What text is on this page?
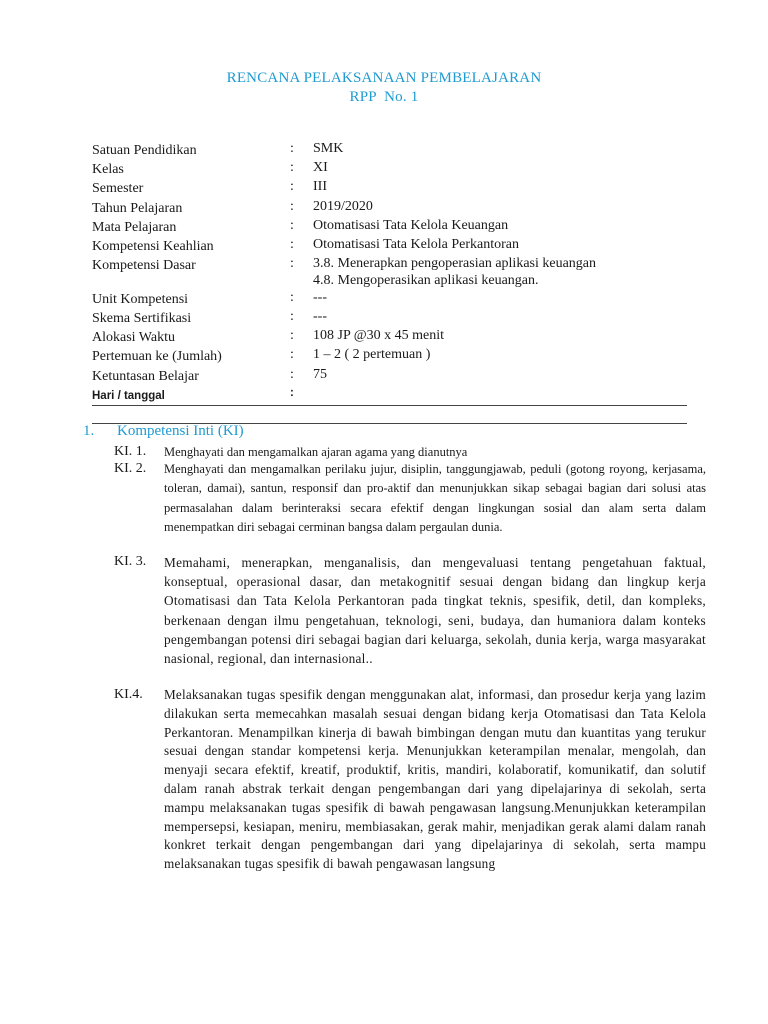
RENCANA PELAKSANAAN PEMBELAJARAN
RPP  No. 1
Satuan Pendidikan	: SMK
Kelas	: XI
Semester	: III
Tahun Pelajaran	: 2019/2020
Mata Pelajaran	: Otomatisasi Tata Kelola Keuangan
Kompetensi Keahlian	: Otomatisasi Tata Kelola Perkantoran
Kompetensi Dasar	: 3.8. Menerapkan pengoperasian aplikasi keuangan
4.8. Mengoperasikan aplikasi keuangan.
Unit Kompetensi	: ---
Skema Sertifikasi	: ---
Alokasi Waktu	: 108 JP @30 x 45 menit
Pertemuan ke (Jumlah)	: 1 – 2 ( 2 pertemuan )
Ketuntasan Belajar	: 75
Hari / tanggal	:
1. Kompetensi Inti (KI)
KI. 1. Menghayati dan mengamalkan ajaran agama yang dianutnya
KI. 2. Menghayati dan mengamalkan perilaku jujur, disiplin, tanggungjawab, peduli (gotong royong, kerjasama, toleran, damai), santun, responsif dan pro-aktif dan menunjukkan sikap sebagai bagian dari solusi atas permasalahan dalam berinteraksi secara efektif dengan lingkungan sosial dan alam serta dalam menempatkan diri sebagai cerminan bangsa dalam pergaulan dunia.
KI. 3. Memahami, menerapkan, menganalisis, dan mengevaluasi tentang pengetahuan faktual, konseptual, operasional dasar, dan metakognitif sesuai dengan bidang dan lingkup kerja Otomatisasi dan Tata Kelola Perkantoran pada tingkat teknis, spesifik, detil, dan kompleks, berkenaan dengan ilmu pengetahuan, teknologi, seni, budaya, dan humaniora dalam konteks pengembangan potensi diri sebagai bagian dari keluarga, sekolah, dunia kerja, warga masyarakat nasional, regional, dan internasional..
KI.4. Melaksanakan tugas spesifik dengan menggunakan alat, informasi, dan prosedur kerja yang lazim dilakukan serta memecahkan masalah sesuai dengan bidang kerja Otomatisasi dan Tata Kelola Perkantoran. Menampilkan kinerja di bawah bimbingan dengan mutu dan kuantitas yang terukur sesuai dengan standar kompetensi kerja. Menunjukkan keterampilan menalar, mengolah, dan menyaji secara efektif, kreatif, produktif, kritis, mandiri, kolaboratif, komunikatif, dan solutif dalam ranah abstrak terkait dengan pengembangan dari yang dipelajarinya di sekolah, serta mampu melaksanakan tugas spesifik di bawah pengawasan langsung.Menunjukkan keterampilan mempersepsi, kesiapan, meniru, membiasakan, gerak mahir, menjadikan gerak alami dalam ranah konkret terkait dengan pengembangan dari yang dipelajarinya di sekolah, serta mampu melaksanakan tugas spesifik di bawah pengawasan langsung
